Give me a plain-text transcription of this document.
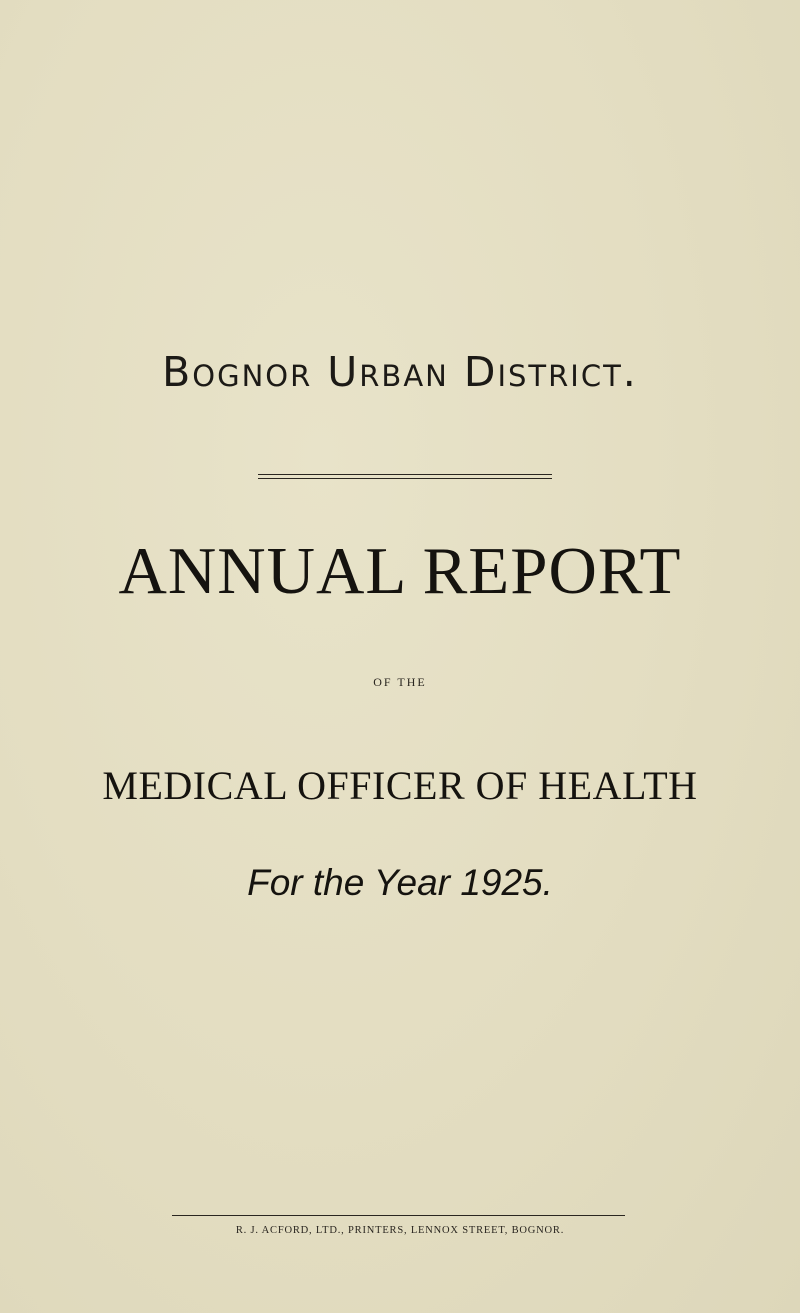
Bognor Urban District.
ANNUAL REPORT
OF THE
MEDICAL OFFICER OF HEALTH
For the Year 1925.
R. J. ACFORD, LTD., PRINTERS, LENNOX STREET, BOGNOR.
